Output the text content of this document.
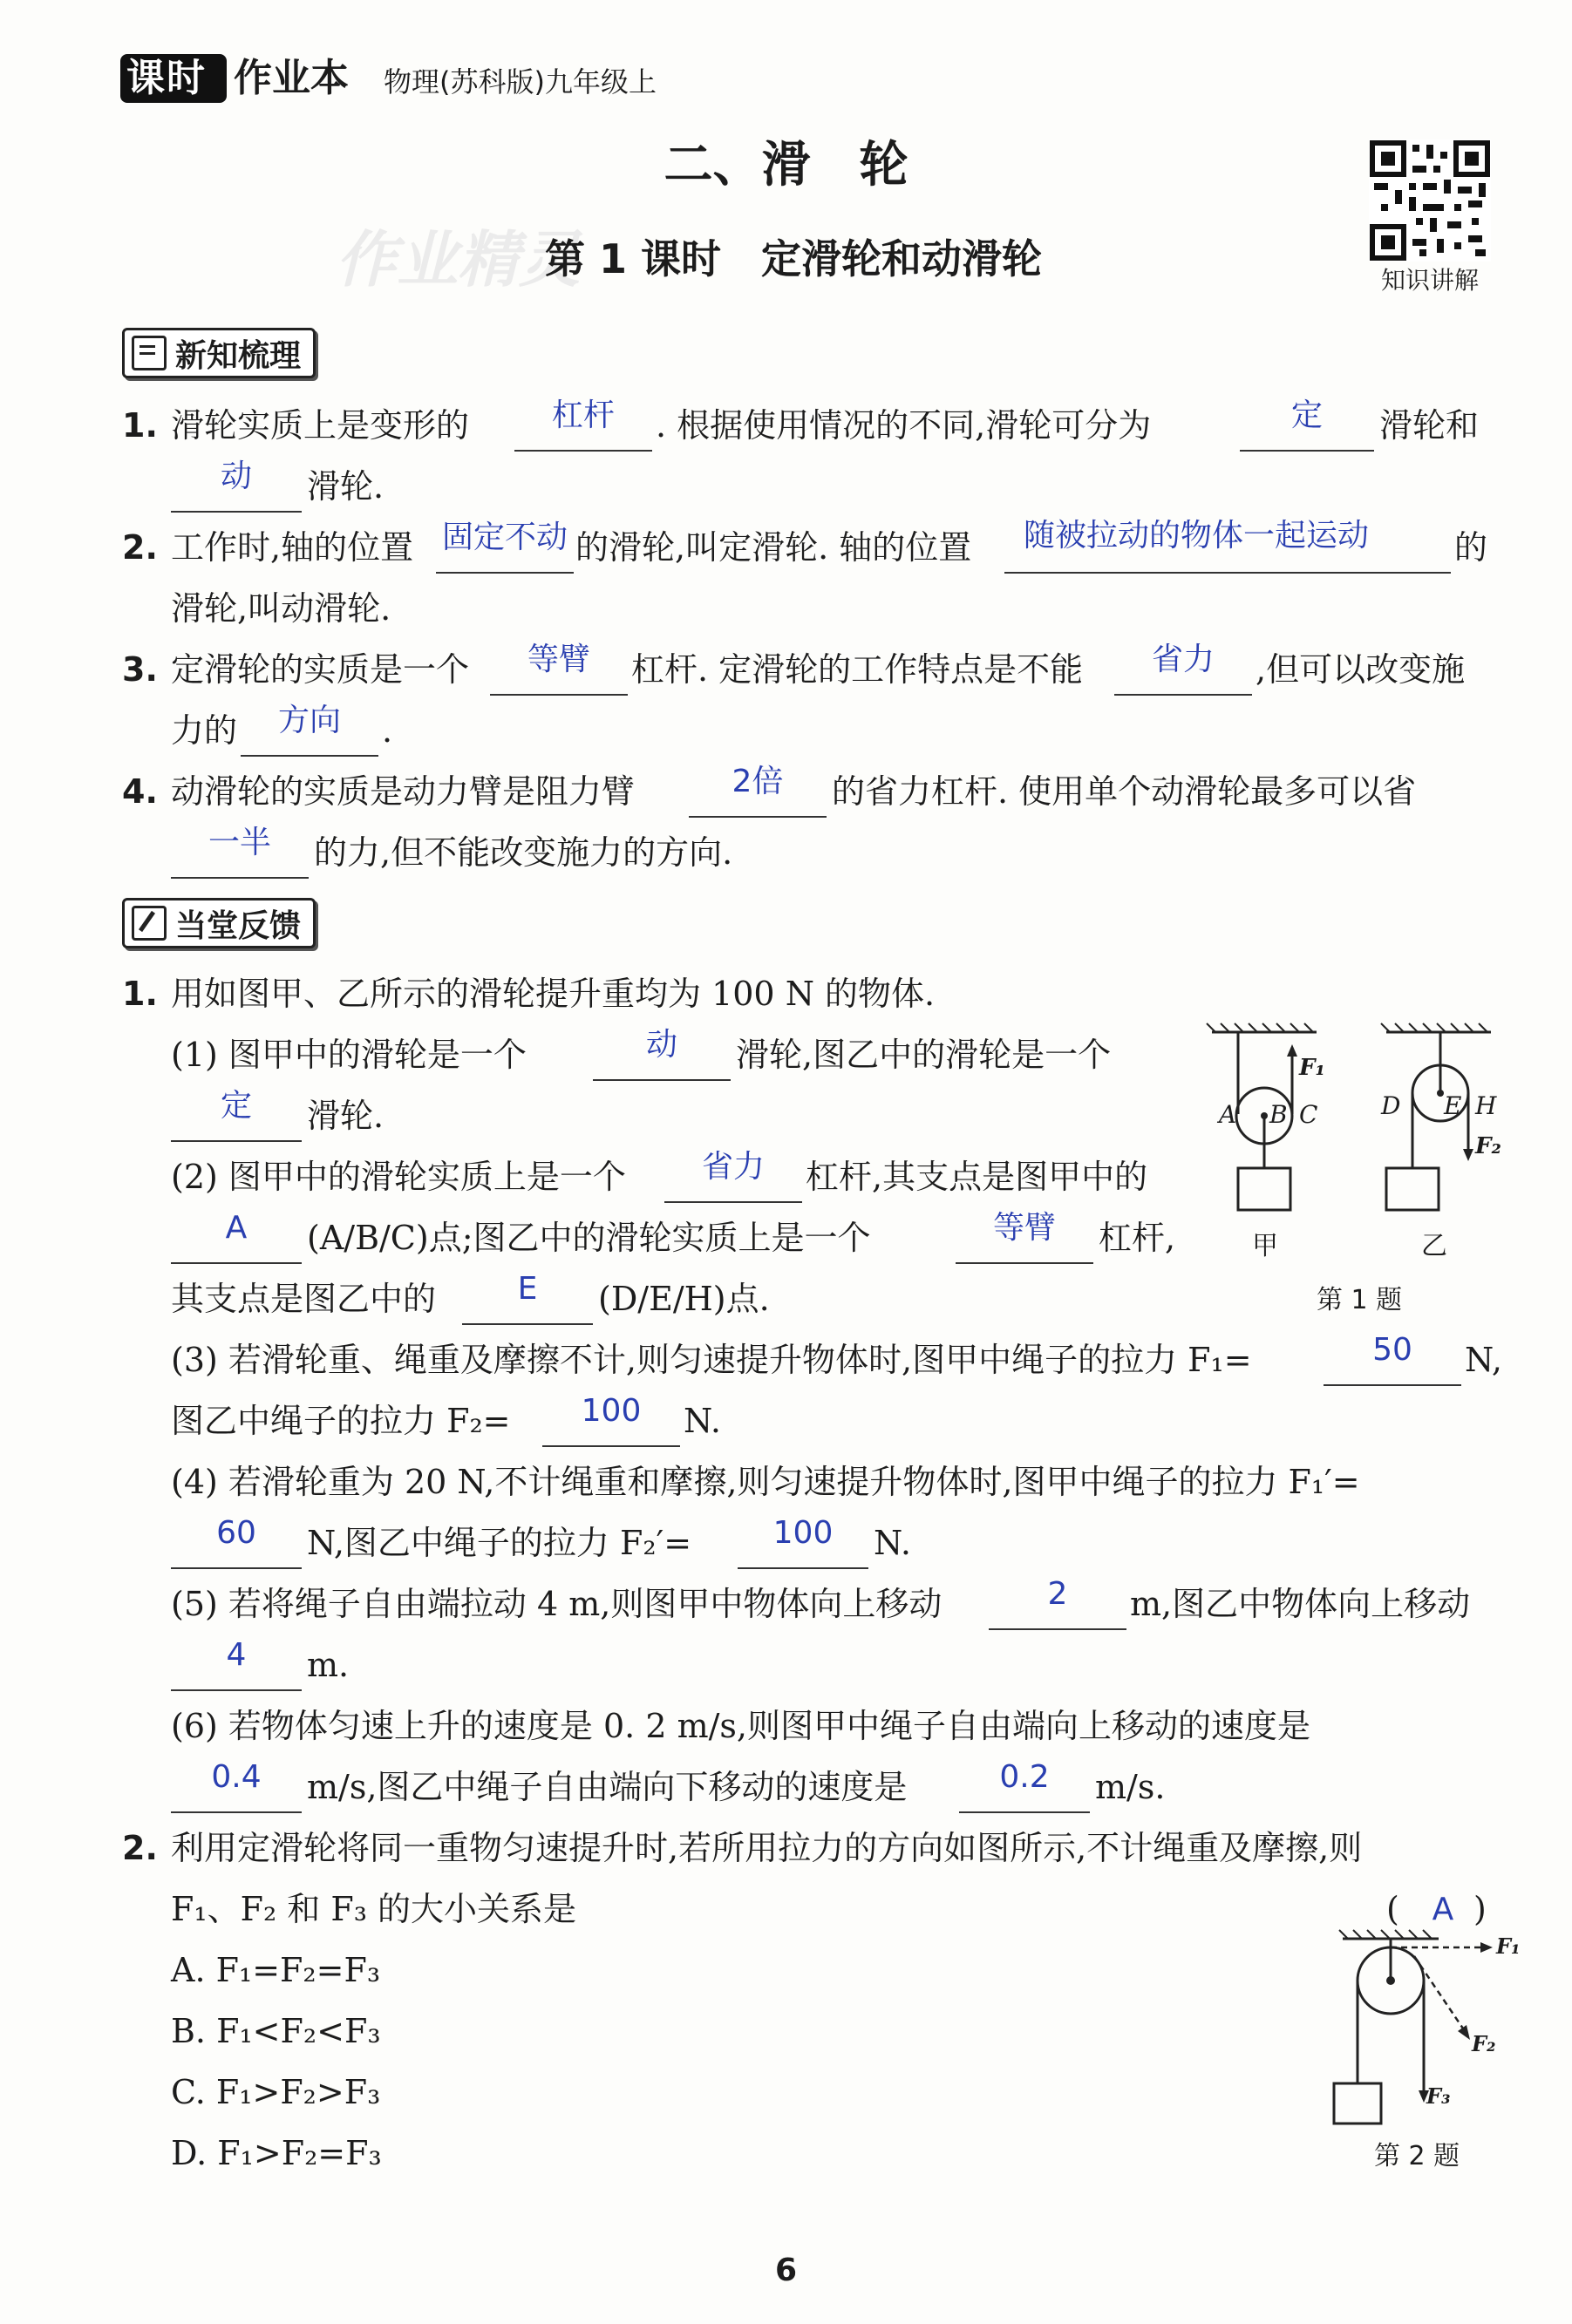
课时 作业本 物理(苏科版)九年级上
二、滑　轮
作业精灵
第 1 课时　定滑轮和动滑轮	知识讲解
新知梳理
1. 滑轮实质上是变形的	杠杆	. 根据使用情况的不同,滑轮可分为	定	滑轮和
动	滑轮.
2. 工作时,轴的位置 固定不动 的滑轮,叫定滑轮. 轴的位置	随被拉动的物体一起运动	的
滑轮,叫动滑轮.
3. 定滑轮的实质是一个	等臂	杠杆. 定滑轮的工作特点是不能	省力	,但可以改变施
力的	方向	.
4. 动滑轮的实质是动力臂是阻力臂	2倍	的省力杠杆. 使用单个动滑轮最多可以省
一半	的力,但不能改变施力的方向.
当堂反馈
1. 用如图甲、乙所示的滑轮提升重均为 100 N 的物体.
(1) 图甲中的滑轮是一个	动	滑轮,图乙中的滑轮是一个
定	滑轮.
(2) 图甲中的滑轮实质上是一个	省力	杠杆,其支点是图甲中的
A	(A/B/C)点;图乙中的滑轮实质上是一个	等臂	杠杆,
其支点是图乙中的	E	(D/E/H)点.
F₁
A B C	D E H
F₂
甲	乙
第 1 题
(3) 若滑轮重、绳重及摩擦不计,则匀速提升物体时,图甲中绳子的拉力 F₁=	50	N,
图乙中绳子的拉力 F₂=	100	N.
(4) 若滑轮重为 20 N,不计绳重和摩擦,则匀速提升物体时,图甲中绳子的拉力 F₁′=
60	N,图乙中绳子的拉力 F₂′=	100	N.
(5) 若将绳子自由端拉动 4 m,则图甲中物体向上移动	2	m,图乙中物体向上移动
4	m.
(6) 若物体匀速上升的速度是 0. 2 m/s,则图甲中绳子自由端向上移动的速度是
0.4	m/s,图乙中绳子自由端向下移动的速度是	0.2	m/s.
2. 利用定滑轮将同一重物匀速提升时,若所用拉力的方向如图所示,不计绳重及摩擦,则
F₁、F₂ 和 F₃ 的大小关系是	(	A )
A. F₁=F₂=F₃
B. F₁<F₂<F₃
C. F₁>F₂>F₃
D. F₁>F₂=F₃
F₁
F₂
F₃
第 2 题
6
